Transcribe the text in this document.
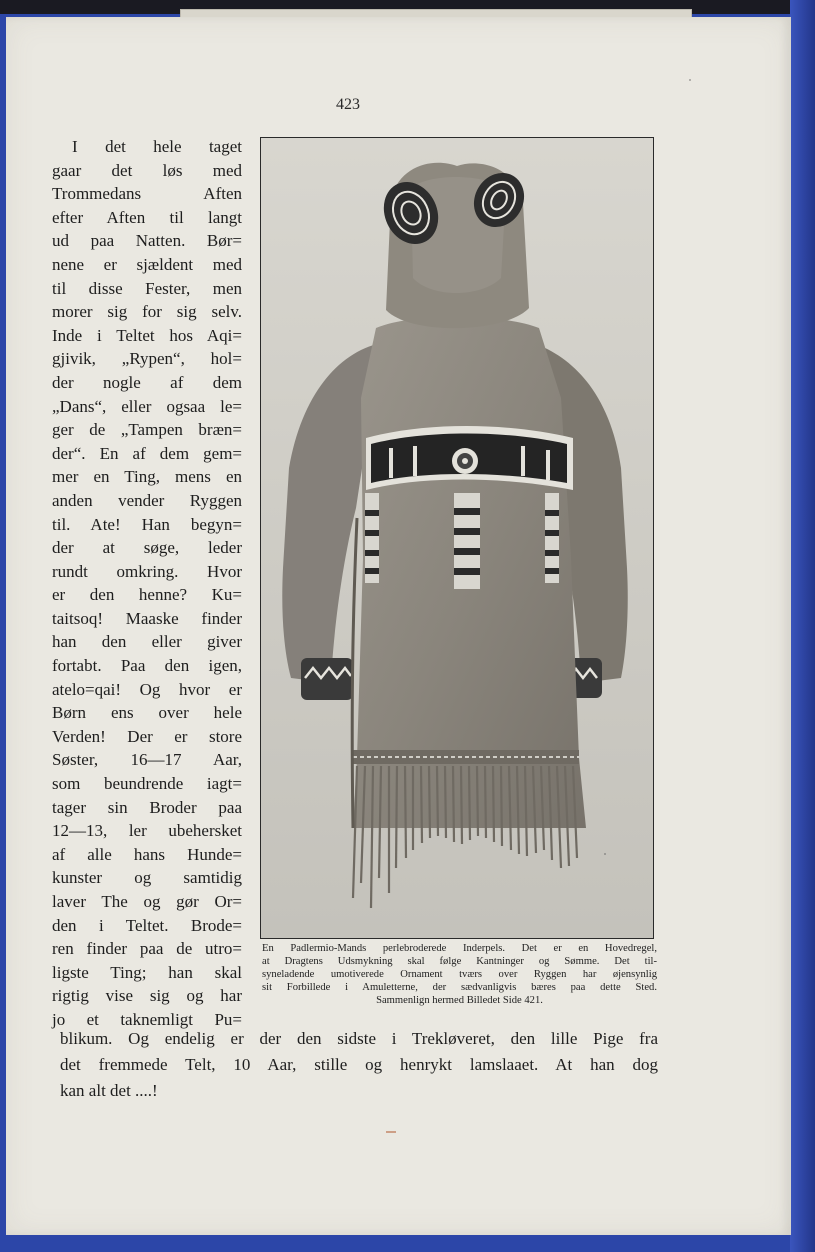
423
I det hele taget
gaar det løs med
Trommedans Aften
efter Aften til langt
ud paa Natten. Bør=
nene er sjældent med
til disse Fester, men
morer sig for sig selv.
Inde i Teltet hos Aqi=
gjivik, „Rypen“, hol=
der nogle af dem
„Dans“, eller ogsaa le=
ger de „Tampen bræn=
der“. En af dem gem=
mer en Ting, mens en
anden vender Ryggen
til. Ate! Han begyn=
der at søge, leder
rundt omkring. Hvor
er den henne? Ku=
taitsoq! Maaske finder
han den eller giver
fortabt. Paa den igen,
atelo=qai! Og hvor er
Børn ens over hele
Verden! Der er store
Søster, 16—17 Aar,
som beundrende iagt=
tager sin Broder paa
12—13, ler ubehersket
af alle hans Hunde=
kunster og samtidig
laver The og gør Or=
den i Teltet. Brode=
ren finder paa de utro=
ligste Ting; han skal
rigtig vise sig og har
jo et taknemligt Pu=
En Padlermio-Mands perlebroderede Inderpels. Det er en Hovedregel,
at Dragtens Udsmykning skal følge Kantninger og Sømme. Det til-
syneladende umotiverede Ornament tværs over Ryggen har øjensynlig
sit Forbillede i Amuletterne, der sædvanligvis bæres paa dette Sted.
Sammenlign hermed Billedet Side 421.
blikum. Og endelig er der den sidste i Trekløveret, den lille Pige fra
det fremmede Telt, 10 Aar, stille og henrykt lamslaaet. At han dog
kan alt det ....!
